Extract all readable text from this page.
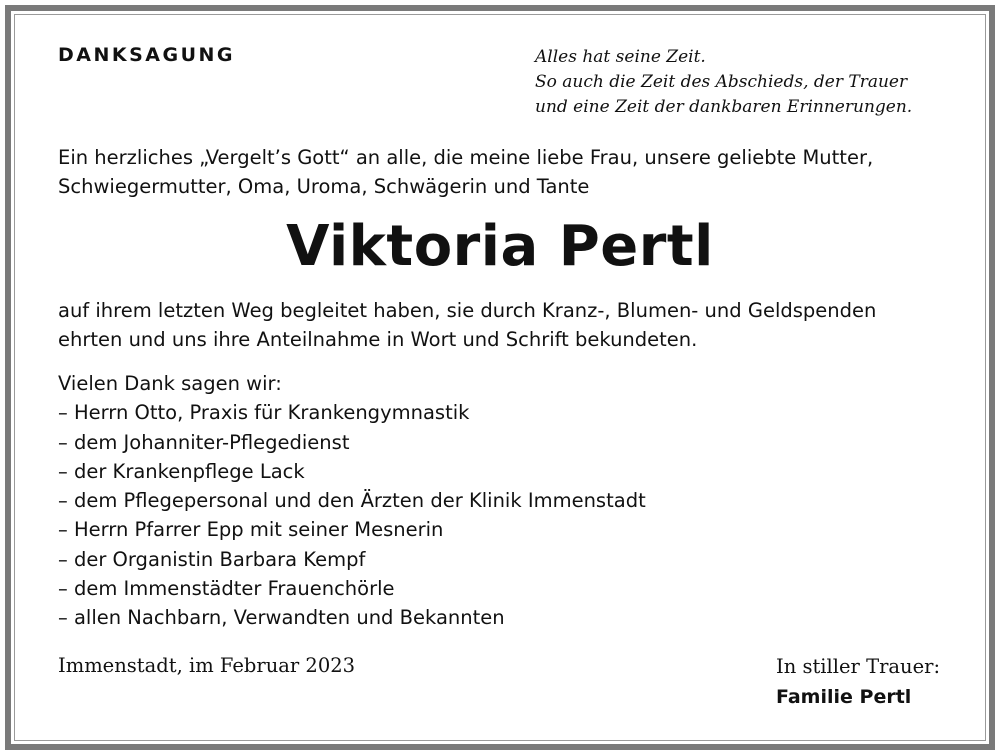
DANKSAGUNG	Alles hat seine Zeit.
So auch die Zeit des Abschieds, der Trauer
und eine Zeit der dankbaren Erinnerungen.
Ein herzliches „Vergelt’s Gott“ an alle, die meine liebe Frau, unsere geliebte Mutter,
Schwiegermutter, Oma, Uroma, Schwägerin und Tante
Viktoria Pertl
auf ihrem letzten Weg begleitet haben, sie durch Kranz-, Blumen- und Geldspenden
ehrten und uns ihre Anteilnahme in Wort und Schrift bekundeten.
Vielen Dank sagen wir:
– Herrn Otto, Praxis für Krankengymnastik
– dem Johanniter-Pflegedienst
– der Krankenpflege Lack
– dem Pflegepersonal und den Ärzten der Klinik Immenstadt
– Herrn Pfarrer Epp mit seiner Mesnerin
– der Organistin Barbara Kempf
– dem Immenstädter Frauenchörle
– allen Nachbarn, Verwandten und Bekannten
Immenstadt, im Februar 2023	In stiller Trauer:
Familie Pertl
